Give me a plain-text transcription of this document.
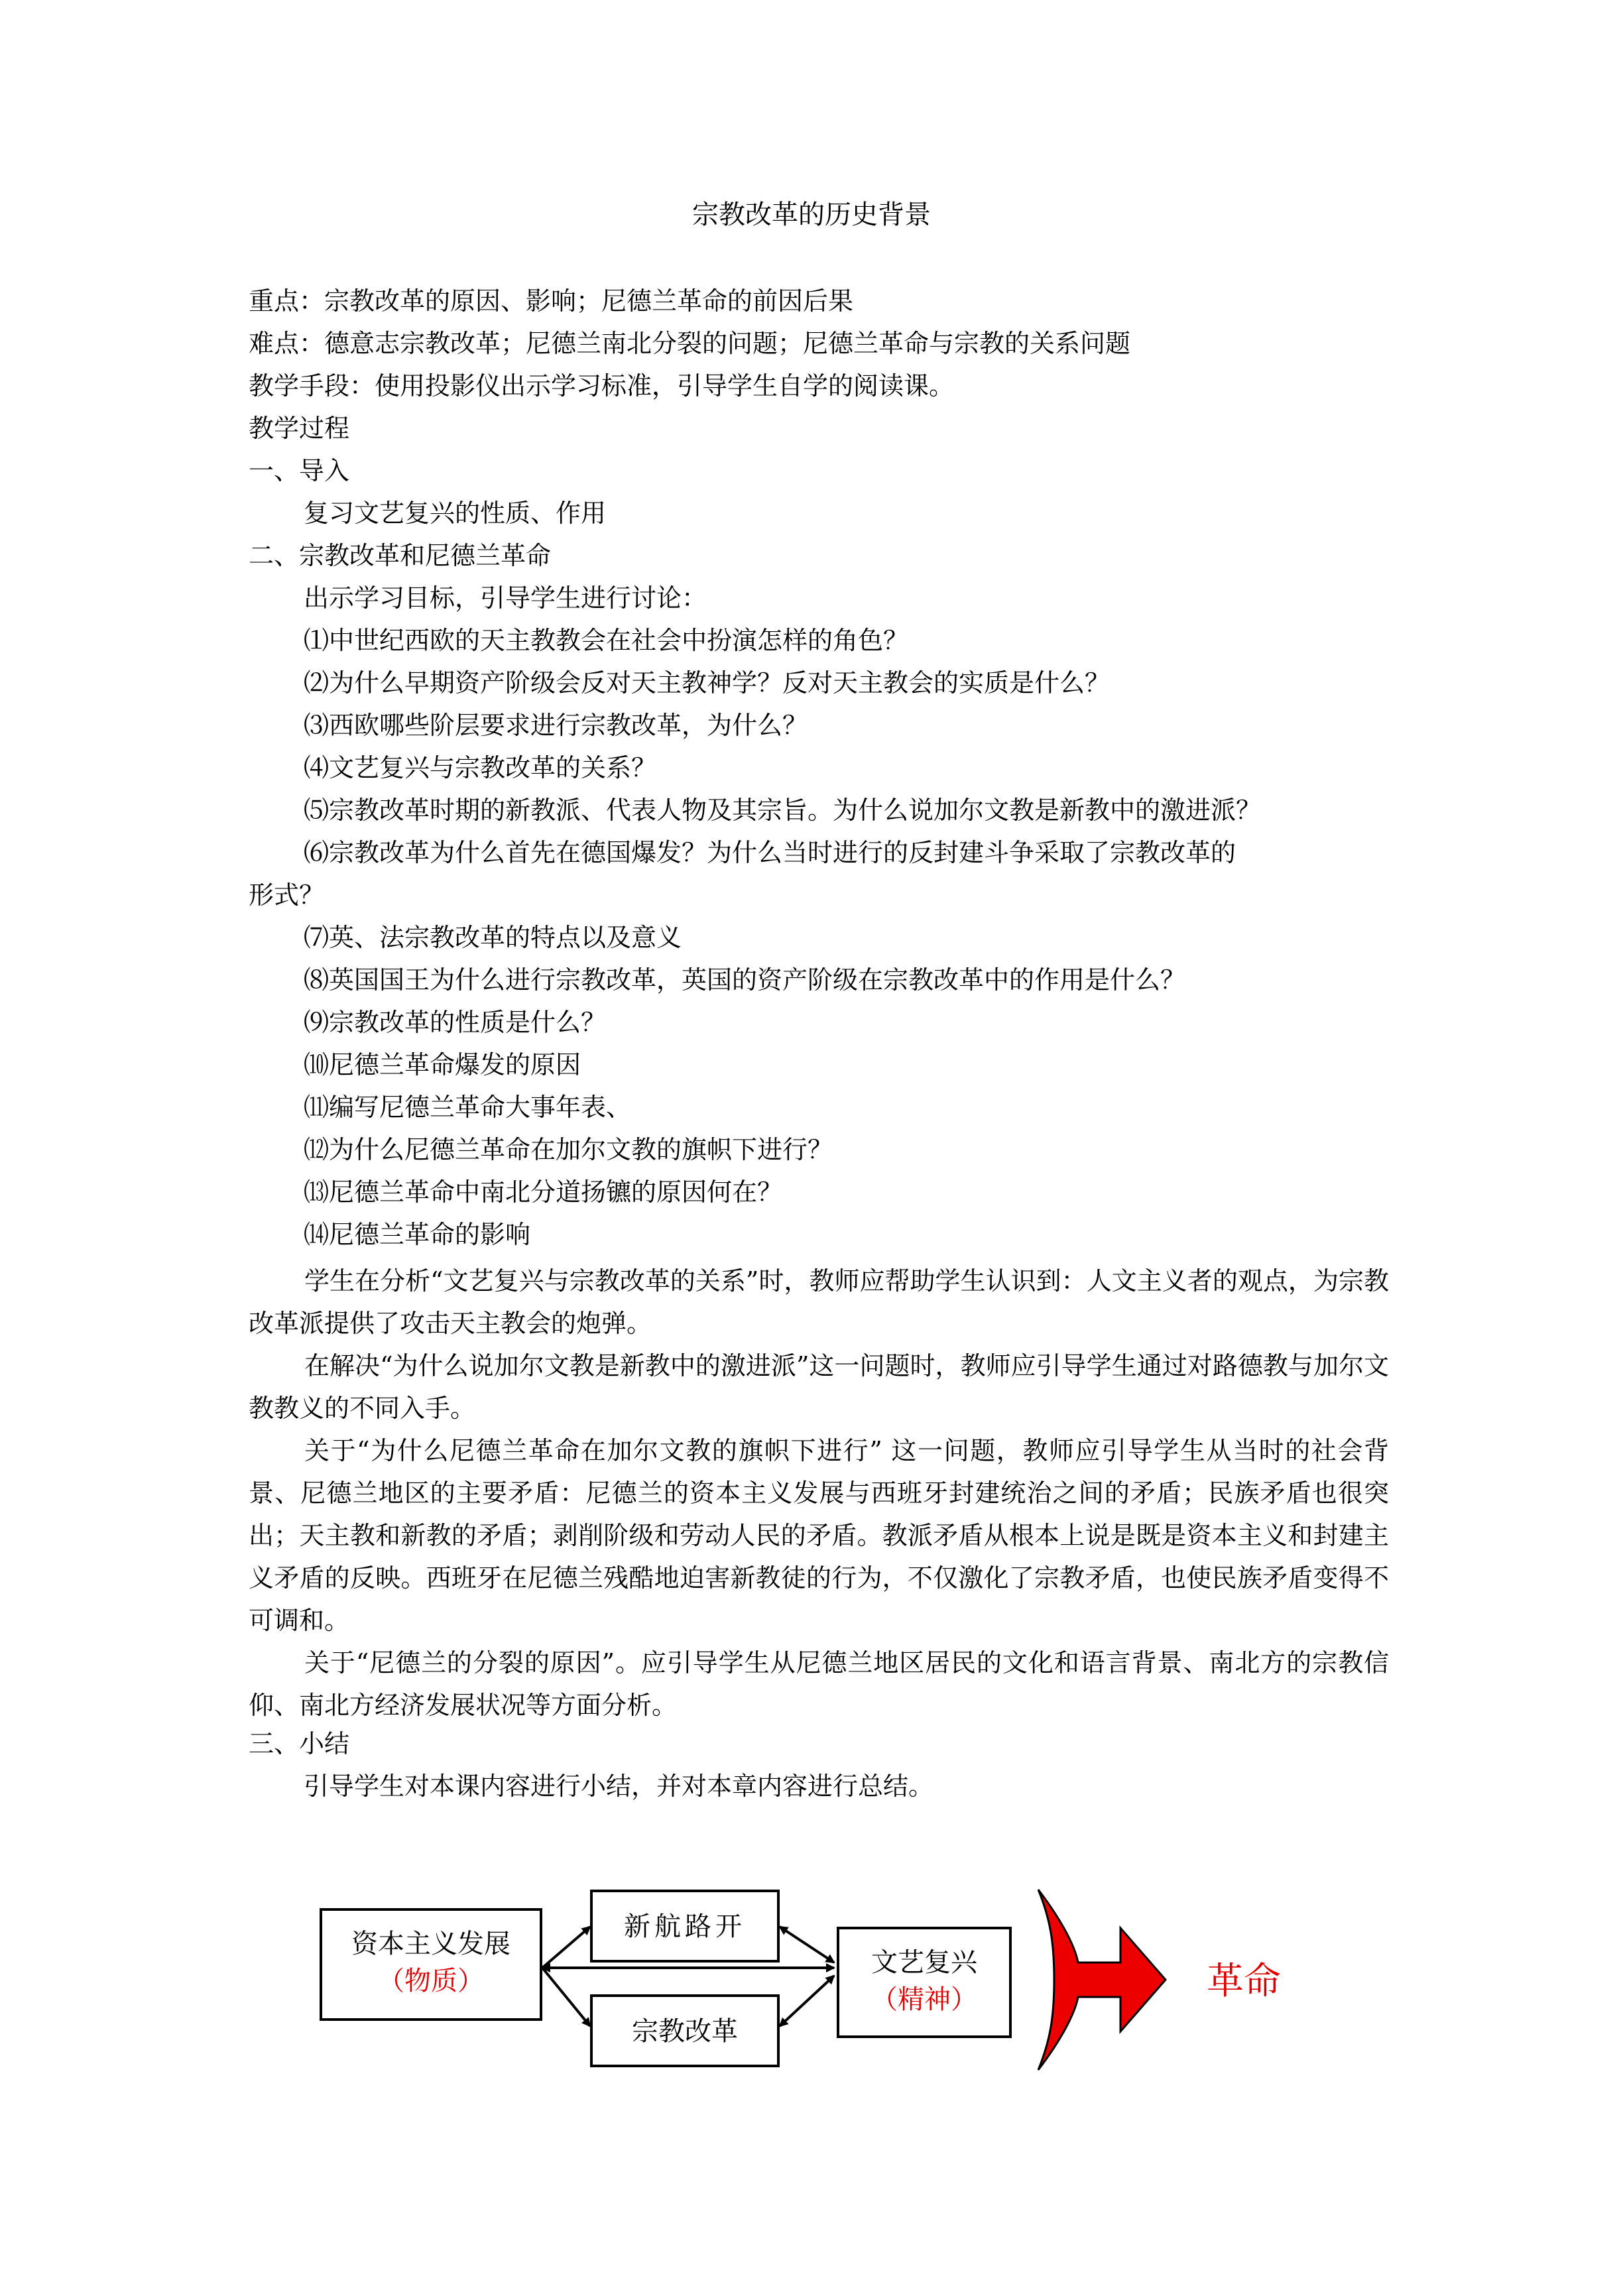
宗教改革的历史背景
重点：宗教改革的原因、影响；尼德兰革命的前因后果
难点：德意志宗教改革；尼德兰南北分裂的问题；尼德兰革命与宗教的关系问题
教学手段：使用投影仪出示学习标准，引导学生自学的阅读课。
教学过程
一、导入
复习文艺复兴的性质、作用
二、宗教改革和尼德兰革命
出示学习目标，引导学生进行讨论：
⑴中世纪西欧的天主教教会在社会中扮演怎样的角色？
⑵为什么早期资产阶级会反对天主教神学？反对天主教会的实质是什么？
⑶西欧哪些阶层要求进行宗教改革，为什么？
⑷文艺复兴与宗教改革的关系？
⑸宗教改革时期的新教派、代表人物及其宗旨。为什么说加尔文教是新教中的激进派？
⑹宗教改革为什么首先在德国爆发？为什么当时进行的反封建斗争采取了宗教改革的
形式？
⑺英、法宗教改革的特点以及意义
⑻英国国王为什么进行宗教改革，英国的资产阶级在宗教改革中的作用是什么？
⑼宗教改革的性质是什么？
⑽尼德兰革命爆发的原因
⑾编写尼德兰革命大事年表、
⑿为什么尼德兰革命在加尔文教的旗帜下进行？
⒀尼德兰革命中南北分道扬镳的原因何在？
⒁尼德兰革命的影响
学生在分析“文艺复兴与宗教改革的关系”时，教师应帮助学生认识到：人文主义者的观点，为宗教改革派提供了攻击天主教会的炮弹。
在解决“为什么说加尔文教是新教中的激进派”这一问题时，教师应引导学生通过对路德教与加尔文教教义的不同入手。
关于“为什么尼德兰革命在加尔文教的旗帜下进行” 这一问题，教师应引导学生从当时的社会背景、尼德兰地区的主要矛盾：尼德兰的资本主义发展与西班牙封建统治之间的矛盾；民族矛盾也很突出；天主教和新教的矛盾；剥削阶级和劳动人民的矛盾。教派矛盾从根本上说是既是资本主义和封建主义矛盾的反映。西班牙在尼德兰残酷地迫害新教徒的行为，不仅激化了宗教矛盾，也使民族矛盾变得不可调和。
关于“尼德兰的分裂的原因”。应引导学生从尼德兰地区居民的文化和语言背景、南北方的宗教信仰、南北方经济发展状况等方面分析。
三、小结
引导学生对本课内容进行小结，并对本章内容进行总结。
资本主义发展
（物质）
新航路开
宗教改革
文艺复兴
（精神）	革命
